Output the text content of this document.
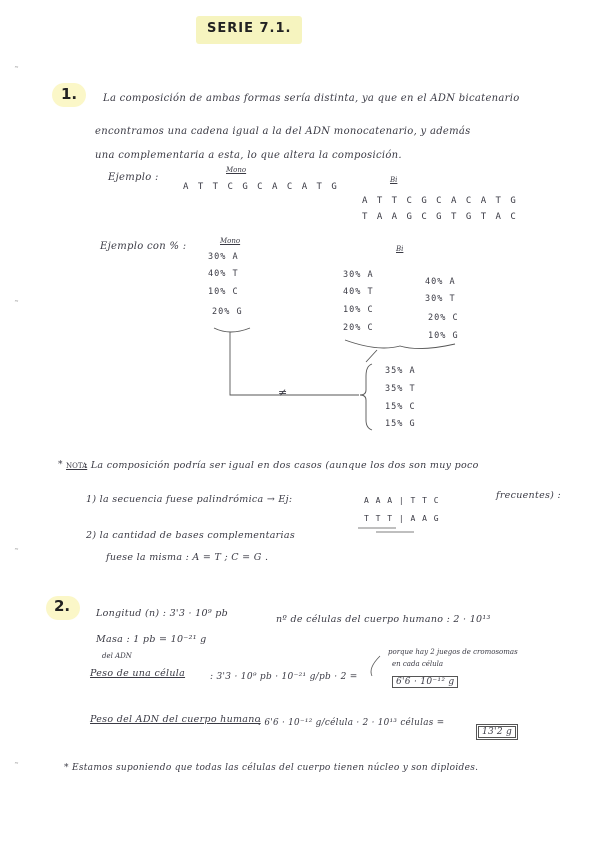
˜
˜
˜
˜
SERIE 7.1.
1.	La composición de ambas formas sería distinta, ya que en el ADN bicatenario
encontramos una cadena igual a la del ADN monocatenario, y además
una complementaria a esta, lo que altera la composición.
Ejemplo :
Mono
A T T C G C A C A T G
Bi
A T T C G C A C A T G
T A A G C G T G T A C
Ejemplo con % :	Mono
Bi
30% A
40% T
10% C
20% G
30% A
40% T
10% C
20% C
40% A
30% T
20% C
10% G
35% A
35% T
15% C
15% G
≠
* NOTA
: La composición podría ser igual en dos casos (aunque los dos son muy poco
frecuentes) :
1) la secuencia fuese palindrómica → Ej:	A A A | T T C
T T T | A A G
2) la cantidad de bases complementarias
fuese la misma : A = T ; C = G .
2.	Longitud (n) : 3'3 · 10⁹ pb
nº de células del cuerpo humano : 2 · 10¹³
Masa : 1 pb = 10⁻²¹ g
del ADN
Peso de una célula	: 3'3 · 10⁹ pb · 10⁻²¹ g/pb · 2 =	6'6 · 10⁻¹² g
porque hay 2 juegos de cromosomas
en cada célula
Peso del ADN del cuerpo humano
: 6'6 · 10⁻¹² g/célula · 2 · 10¹³ células =
13'2 g
* Estamos suponiendo que todas las células del cuerpo tienen núcleo y son diploides.
